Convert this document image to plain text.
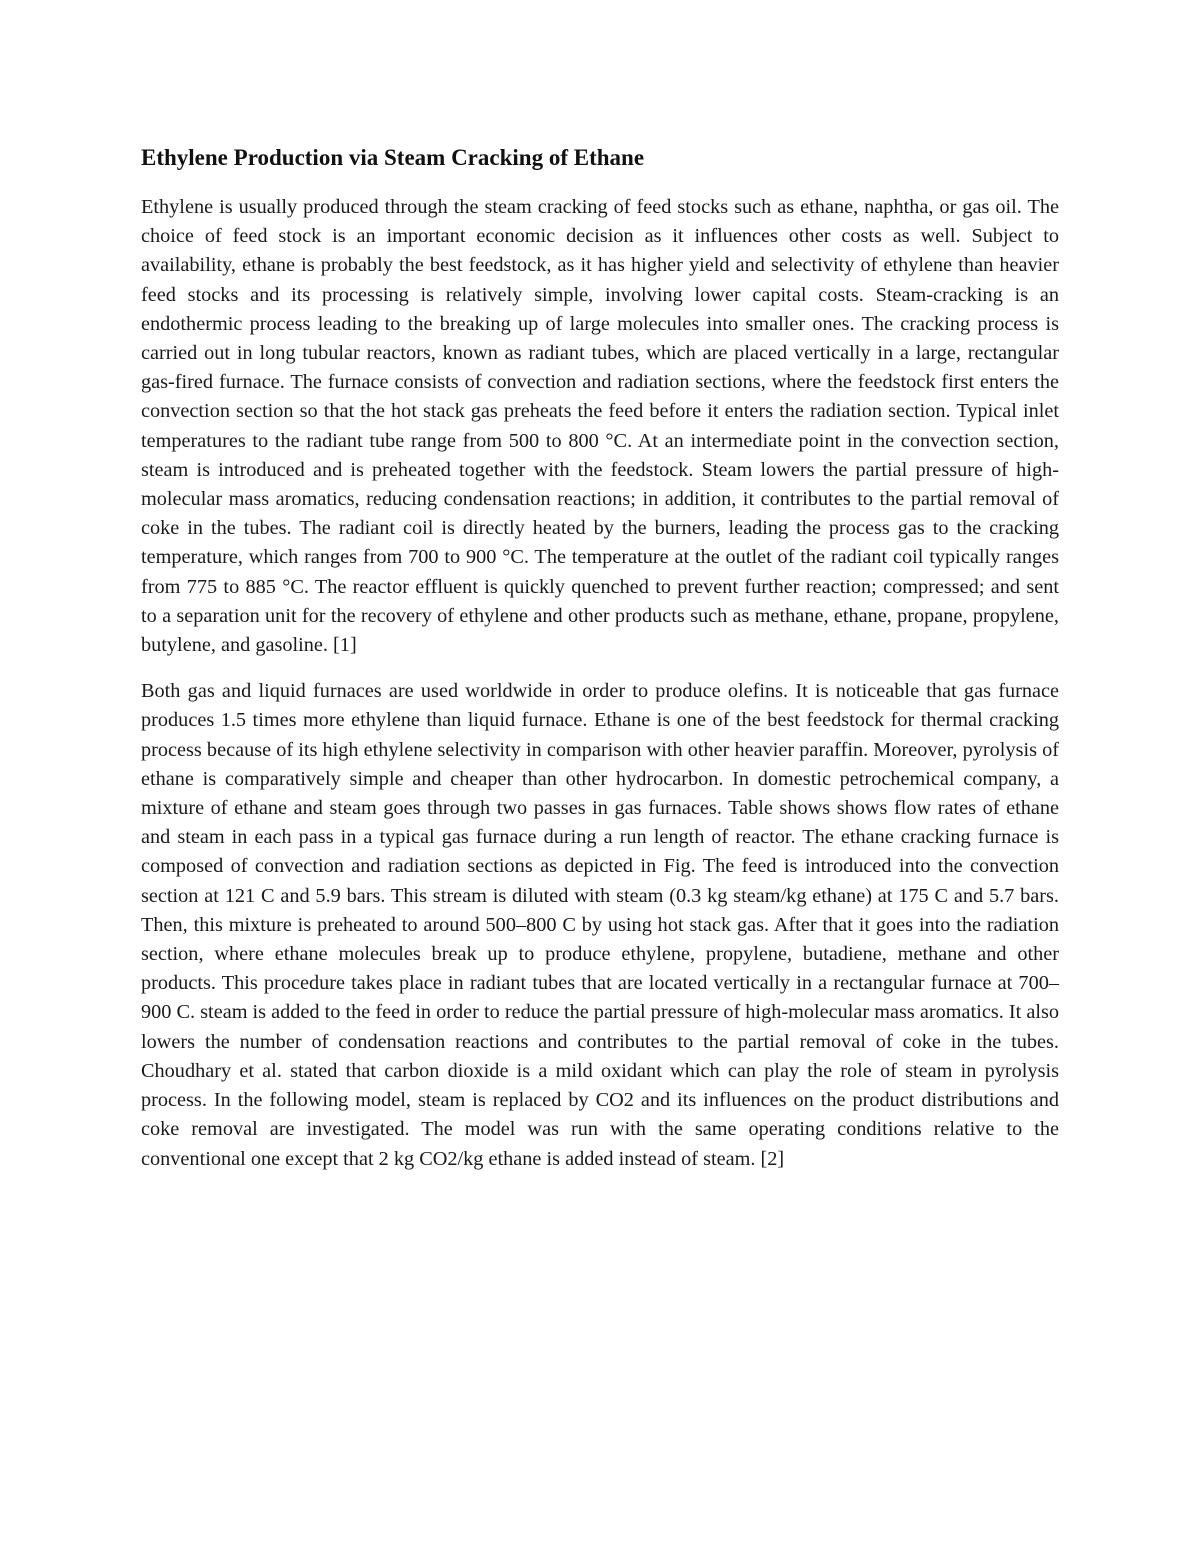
Ethylene Production via Steam Cracking of Ethane

Ethylene is usually produced through the steam cracking of feed stocks such as ethane, naphtha, or gas oil. The choice of feed stock is an important economic decision as it influences other costs as well. Subject to availability, ethane is probably the best feedstock, as it has higher yield and selectivity of ethylene than heavier feed stocks and its processing is relatively simple, involving lower capital costs. Steam-cracking is an endothermic process leading to the breaking up of large molecules into smaller ones. The cracking process is carried out in long tubular reactors, known as radiant tubes, which are placed vertically in a large, rectangular gas-fired furnace. The furnace consists of convection and radiation sections, where the feedstock first enters the convection section so that the hot stack gas preheats the feed before it enters the radiation section. Typical inlet temperatures to the radiant tube range from 500 to 800 °C. At an intermediate point in the convection section, steam is introduced and is preheated together with the feedstock. Steam lowers the partial pressure of high-molecular mass aromatics, reducing condensation reactions; in addition, it contributes to the partial removal of coke in the tubes. The radiant coil is directly heated by the burners, leading the process gas to the cracking temperature, which ranges from 700 to 900 °C. The temperature at the outlet of the radiant coil typically ranges from 775 to 885 °C. The reactor effluent is quickly quenched to prevent further reaction; compressed; and sent to a separation unit for the recovery of ethylene and other products such as methane, ethane, propane, propylene, butylene, and gasoline. [1]

Both gas and liquid furnaces are used worldwide in order to produce olefins. It is noticeable that gas furnace produces 1.5 times more ethylene than liquid furnace. Ethane is one of the best feedstock for thermal cracking process because of its high ethylene selectivity in comparison with other heavier paraffin. Moreover, pyrolysis of ethane is comparatively simple and cheaper than other hydrocarbon. In domestic petrochemical company, a mixture of ethane and steam goes through two passes in gas furnaces. Table shows shows flow rates of ethane and steam in each pass in a typical gas furnace during a run length of reactor. The ethane cracking furnace is composed of convection and radiation sections as depicted in Fig. The feed is introduced into the convection section at 121 C and 5.9 bars. This stream is diluted with steam (0.3 kg steam/kg ethane) at 175 C and 5.7 bars. Then, this mixture is preheated to around 500–800 C by using hot stack gas. After that it goes into the radiation section, where ethane molecules break up to produce ethylene, propylene, butadiene, methane and other products. This procedure takes place in radiant tubes that are located vertically in a rectangular furnace at 700–900 C. steam is added to the feed in order to reduce the partial pressure of high-molecular mass aromatics. It also lowers the number of condensation reactions and contributes to the partial removal of coke in the tubes. Choudhary et al. stated that carbon dioxide is a mild oxidant which can play the role of steam in pyrolysis process. In the following model, steam is replaced by CO2 and its influences on the product distributions and coke removal are investigated. The model was run with the same operating conditions relative to the conventional one except that 2 kg CO2/kg ethane is added instead of steam. [2]
